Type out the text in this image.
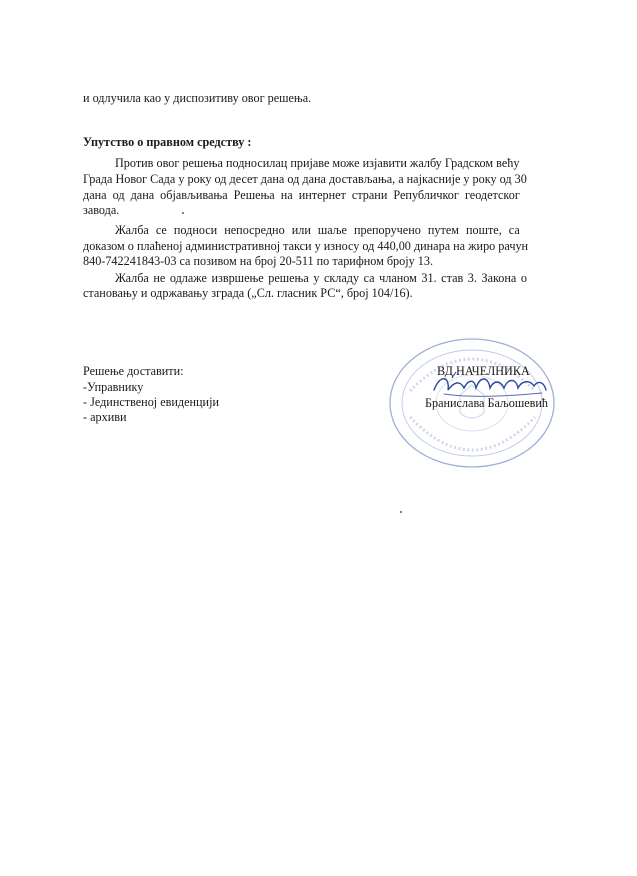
и одлучила као у диспозитиву овог решења.
Упутство о правном средству :
Против овог решења подносилац пријаве може изјавити жалбу Градском већу
Града Новог Сада у року од десет дана од дана достављања, а најкасније у року од 30
дана од дана објављивања Решења на интернет страни Републичког геодетског
завода.
Жалба се подноси непосредно или шаље препоручено путем поште, са
доказом о плаћеној административној такси у износу од 440,00 динара на жиро рачун
840-742241843-03 са позивом на број 20-511 по тарифном броју 13.
Жалба не одлаже извршење решења у складу са чланом 31. став 3. Закона о
становању и одржавању зграда („Сл. гласник РС“, број 104/16).
Решење доставити:
-Управнику
- Јединственој евиденцији
- архиви
ВД НАЧЕЛНИКА
Бранислава Бaљошевић
